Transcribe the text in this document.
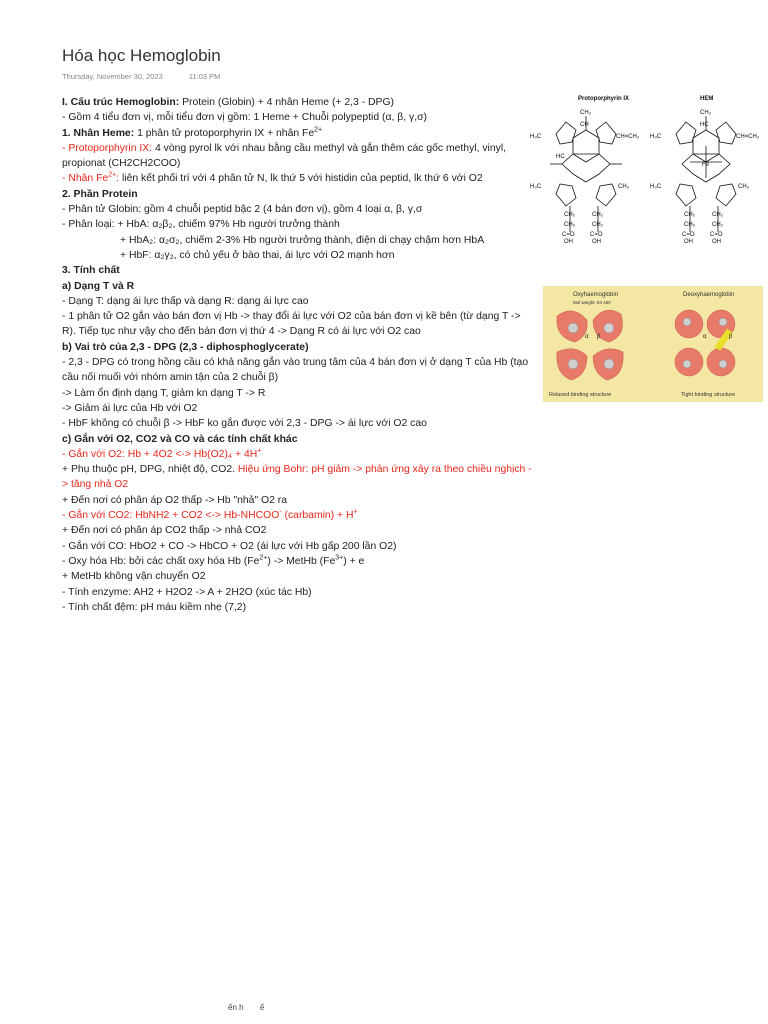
Hóa học Hemoglobin
Thursday, November 30, 2023	11:03 PM

I. Cấu trúc Hemoglobin: Protein (Globin) + 4 nhân Heme (+ 2,3 - DPG)

- Gồm 4 tiểu đơn vị, mỗi tiểu đơn vị gồm: 1 Heme + Chuỗi polypeptid (α, β, γ,σ)

1. Nhân Heme: 1 phân tử protoporphyrin IX + nhân $Fe^{2+}$

- Protoporphyrin IX: 4 vòng pyrol lk với nhau bằng cầu methyl và gắn thêm các gốc methyl, vinyl, propionat (CH2CH2COO)

- Nhân $Fe^{2+}$: liên kết phối trí với 4 phân tử N, lk thứ 5 với histidin của peptid, lk thứ 6 với O2

2. Phần Protein

- Phân tử Globin: gồm 4 chuỗi peptid bậc 2 (4 bán đơn vị), gồm 4 loại α, β, γ,σ

- Phân loại: + HbA: α₂β₂, chiếm 97% Hb người trưởng thành

+ HbA₂: α₂σ₂, chiếm 2-3% Hb người trưởng thành, điện di chạy chậm hơn HbA

+ HbF: α₂γ₂, có chủ yếu ở bào thai, ái lực với O2 mạnh hơn

3. Tính chất

a) Dạng T và R

- Dạng T: dạng ái lực thấp và dạng R: dạng ái lực cao

- 1 phân tử O2 gắn vào bán đơn vị Hb -> thay đổi ái lực với O2 của bán đơn vị kề bên (từ dạng T -> R). Tiếp tục như vậy cho đến bán đơn vị thứ 4 -> Dạng R có ái lực với O2 cao

b) Vai trò của 2,3 - DPG (2,3 - diphosphoglycerate)

- 2,3 - DPG có trong hồng cầu có khả năng gắn vào trung tâm của 4 bán đơn vị ở dạng T của Hb (tạo cầu nối muối với nhóm amin tận của 2 chuỗi β)

-> Làm ổn định dạng T, giảm kn dạng T -> R

-> Giảm ái lực của Hb với O2

- HbF không có chuỗi β -> HbF ko gắn được với 2,3 - DPG -> ái lực với O2 cao

c) Gắn với O2, CO2 và CO và các tính chất khác

- Gắn với O2: Hb + 4O2 <-> Hb(O2)₄ + 4H+

+ Phụ thuộc pH, DPG, nhiệt độ, CO2. Hiệu ứng Bohr: pH giảm -> phản ứng xảy ra theo chiều nghịch -> tăng nhả O2

+ Đến nơi có phân áp O2 thấp -> Hb "nhả" O2 ra

- Gắn với CO2: HbNH2 + CO2 <-> Hb-NHCOO- (carbamin) + H+

+ Đến nơi có phân áp CO2 thấp -> nhả CO2

- Gắn với CO: HbO2 + CO -> HbCO + O2 (ái lực với Hb gấp 200 lần O2)

- Oxy hóa Hb: bởi các chất oxy hóa Hb $(Fe^{2+})$ -> MetHb $(Fe^{3+}) + e$

+ MetHb không vận chuyển O2

- Tính enzyme: AH2 + H2O2 -> A + 2H2O (xúc tác Hb)

- Tính chất đệm: pH máu kiềm nhẹ (7,2)

Protoporphyrin IX	HEM
HC
H₃C
H₃C
CH=CH₂
CH₃
CH₃
CH
CH₂	CH₂
CH₂	CH₂
C=O	C=O
OH	OH
Fe
H₃C
H₃C
CH=CH₂
CH₃
CH₃
HC
CH₂	CH₂
CH₂	CH₂
C=O	C=O
OH	OH
Oxyhaemoglobin
Mol weight: 64 460
Deoxyhaemoglobin
Relaxed binding structure	Tight binding structure
α β	α	β
ến h ế
